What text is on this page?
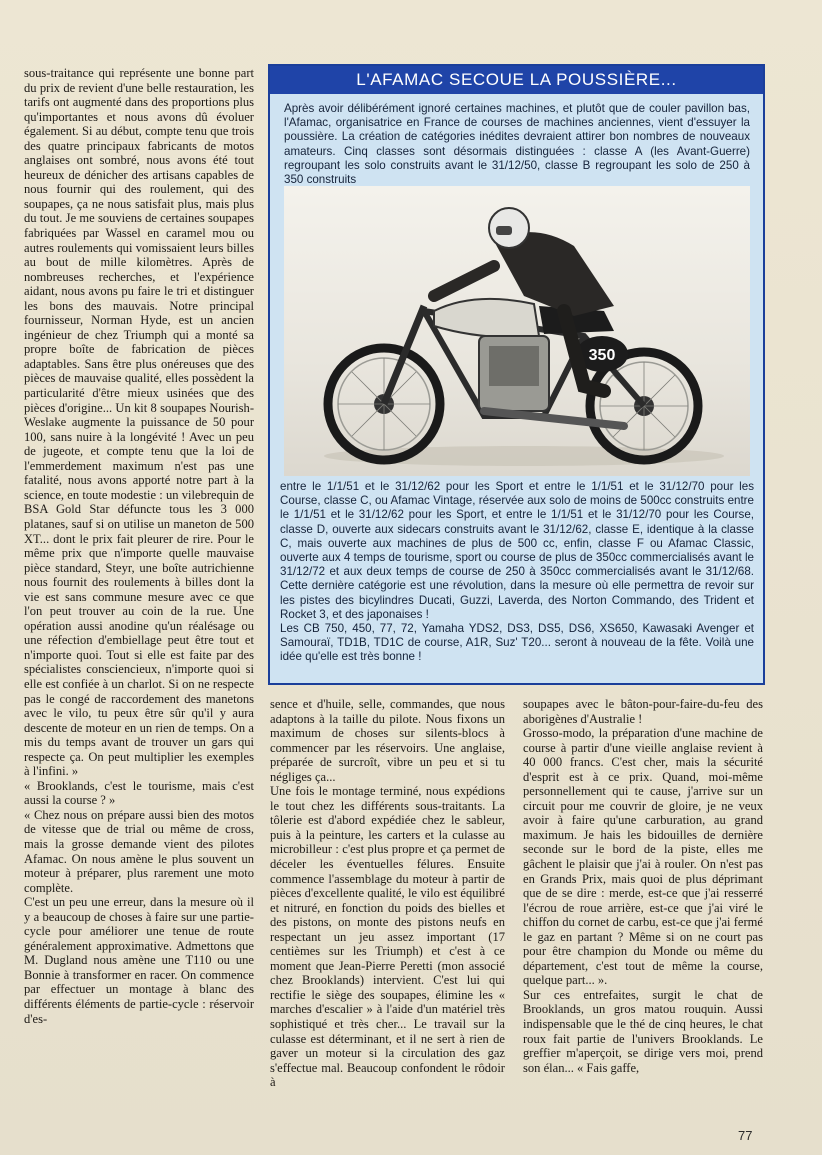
sous-traitance qui représente une bonne part du prix de revient d'une belle restauration, les tarifs ont augmenté dans des proportions plus qu'importantes et nous avons dû évoluer également. Si au début, compte tenu que trois des quatre principaux fabricants de motos anglaises ont sombré, nous avons été tout heureux de dénicher des artisans capables de nous fournir qui des roulement, qui des soupapes, ça ne nous satisfait plus, mais plus du tout. Je me souviens de certaines soupapes fabriquées par Wassel en caramel mou ou autres roulements qui vomissaient leurs billes au bout de mille kilomètres. Après de nombreuses recherches, et l'expérience aidant, nous avons pu faire le tri et distinguer les bons des mauvais. Notre principal fournisseur, Norman Hyde, est un ancien ingénieur de chez Triumph qui a monté sa propre boîte de fabrication de pièces adaptables. Sans être plus onéreuses que des pièces de mauvaise qualité, elles possèdent la particularité d'être mieux usinées que des pièces d'origine... Un kit 8 soupapes Nourish-Weslake augmente la puissance de 50 pour 100, sans nuire à la longévité ! Avec un peu de jugeote, et compte tenu que la loi de l'emmerdement maximum n'est pas une fatalité, nous avons apporté notre part à la science, en toute modestie : un vilebrequin de BSA Gold Star défuncte tous les 3 000 platanes, sauf si on utilise un maneton de 500 XT... dont le prix fait pleurer de rire. Pour le même prix que n'importe quelle mauvaise pièce standard, Steyr, une boîte autrichienne nous fournit des roulements à billes dont la vie est sans commune mesure avec ce que l'on peut trouver au coin de la rue. Une opération aussi anodine qu'un réalésage ou une réfection d'embiellage peut être tout et n'importe quoi. Tout si elle est faite par des spécialistes consciencieux, n'importe quoi si elle est confiée à un charlot. Si on ne respecte pas le congé de raccordement des manetons avec le vilo, tu peux être sûr qu'il y aura descente de moteur en un rien de temps. On a mis du temps avant de trouver un gars qui respecte ça. On peut multiplier les exemples à l'infini. »

« Brooklands, c'est le tourisme, mais c'est aussi la course ? »

« Chez nous on prépare aussi bien des motos de vitesse que de trial ou même de cross, mais la grosse demande vient des pilotes Afamac. On nous amène le plus souvent un moteur à préparer, plus rarement une moto complète.

C'est un peu une erreur, dans la mesure où il y a beaucoup de choses à faire sur une partie-cycle pour améliorer une tenue de route généralement approximative. Admettons que M. Dugland nous amène une T110 ou une Bonnie à transformer en racer. On commence par effectuer un montage à blanc des différents éléments de partie-cycle : réservoir d'es-

L'AFAMAC SECOUE LA POUSSIÈRE...
Après avoir délibérément ignoré certaines machines, et plutôt que de couler pavillon bas, l'Afamac, organisatrice en France de courses de machines anciennes, vient d'essuyer la poussière. La création de catégories inédites devraient attirer bon nombres de nouveaux amateurs. Cinq classes sont désormais distinguées : classe A (les Avant-Guerre) regroupant les solo construits avant le 31/12/50, classe B regroupant les solo de 250 à 350 construits
350
entre le 1/1/51 et le 31/12/62 pour les Sport et entre le 1/1/51 et le 31/12/70 pour les Course, classe C, ou Afamac Vintage, réservée aux solo de moins de 500cc construits entre le 1/1/51 et le 31/12/62 pour les Sport, et entre le 1/1/51 et le 31/12/70 pour les Course, classe D, ouverte aux sidecars construits avant le 31/12/62, classe E, identique à la classe C, mais ouverte aux machines de plus de 500 cc, enfin, classe F ou Afamac Classic, ouverte aux 4 temps de tourisme, sport ou course de plus de 350cc commercialisés avant le 31/12/72 et aux deux temps de course de 250 à 350cc commercialisés avant le 31/12/68. Cette dernière catégorie est une révolution, dans la mesure où elle permettra de revoir sur les pistes des bicylindres Ducati, Guzzi, Laverda, des Norton Commando, des Trident et Rocket 3, et des japonaises !
Les CB 750, 450, 77, 72, Yamaha YDS2, DS3, DS5, DS6, XS650, Kawasaki Avenger et Samouraï, TD1B, TD1C de course, A1R, Suz' T20... seront à nouveau de la fête. Voilà une idée qu'elle est très bonne !

sence et d'huile, selle, commandes, que nous adaptons à la taille du pilote. Nous fixons un maximum de choses sur silents-blocs à commencer par les réservoirs. Une anglaise, préparée de surcroît, vibre un peu et si tu négliges ça...

Une fois le montage terminé, nous expédions le tout chez les différents sous-traitants. La tôlerie est d'abord expédiée chez le sableur, puis à la peinture, les carters et la culasse au microbilleur : c'est plus propre et ça permet de déceler les éventuelles félures. Ensuite commence l'assemblage du moteur à partir de pièces d'excellente qualité, le vilo est équilibré et nitruré, en fonction du poids des bielles et des pistons, on monte des pistons neufs en respectant un jeu assez important (17 centièmes sur les Triumph) et c'est à ce moment que Jean-Pierre Peretti (mon associé chez Brooklands) intervient. C'est lui qui rectifie le siège des soupapes, élimine les « marches d'escalier » à l'aide d'un matériel très sophistiqué et très cher... Le travail sur la culasse est déterminant, et il ne sert à rien de gaver un moteur si la circulation des gaz s'effectue mal. Beaucoup confondent le rôdoir à

soupapes avec le bâton-pour-faire-du-feu des aborigènes d'Australie !

Grosso-modo, la préparation d'une machine de course à partir d'une vieille anglaise revient à 40 000 francs. C'est cher, mais la sécurité d'esprit est à ce prix. Quand, moi-même personnellement qui te cause, j'arrive sur un circuit pour me couvrir de gloire, je ne veux avoir à faire qu'une carburation, au grand maximum. Je hais les bidouilles de dernière seconde sur le bord de la piste, elles me gâchent le plaisir que j'ai à rouler. On n'est pas en Grands Prix, mais quoi de plus déprimant que de se dire : merde, est-ce que j'ai resserré l'écrou de roue arrière, est-ce que j'ai viré le chiffon du cornet de carbu, est-ce que j'ai fermé le gaz en partant ? Même si on ne court pas pour être champion du Monde ou même du département, c'est tout de même la course, quelque part... ».

Sur ces entrefaites, surgit le chat de Brooklands, un gros matou rouquin. Aussi indispensable que le thé de cinq heures, le chat roux fait partie de l'univers Brooklands. Le greffier m'aperçoit, se dirige vers moi, prend son élan... « Fais gaffe,

77
